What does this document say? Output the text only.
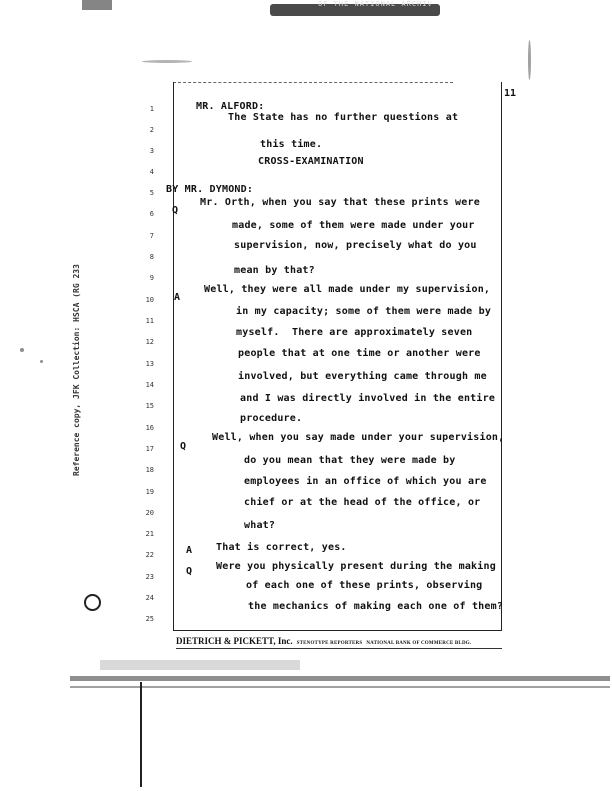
OF THE NATIONAL ARCHIV
Reference copy, JFK Collection: HSCA (RG 233
11
1	MR. ALFORD:
2
The State has no further questions at
3
this time.
4
CROSS-EXAMINATION
5 BY MR. DYMOND:
6 Q
Mr. Orth, when you say that these prints were
7
made, some of them were made under your
8
supervision, now, precisely what do you
9
mean by that?
10 A
Well, they were all made under my supervision,
11
in my capacity; some of them were made by
12
myself.  There are approximately seven
13
people that at one time or another were
14
involved, but everything came through me
15
and I was directly involved in the entire
16
procedure.
17	Q
Well, when you say made under your supervision,
18
do you mean that they were made by
19
employees in an office of which you are
20
chief or at the head of the office, or
21
what?
22	A That is correct, yes.
23	Q Were you physically present during the making
24
of each one of these prints, observing
25
the mechanics of making each one of them?
DIETRICH & PICKETT, Inc. STENOTYPE REPORTERS NATIONAL BANK OF COMMERCE BLDG.
